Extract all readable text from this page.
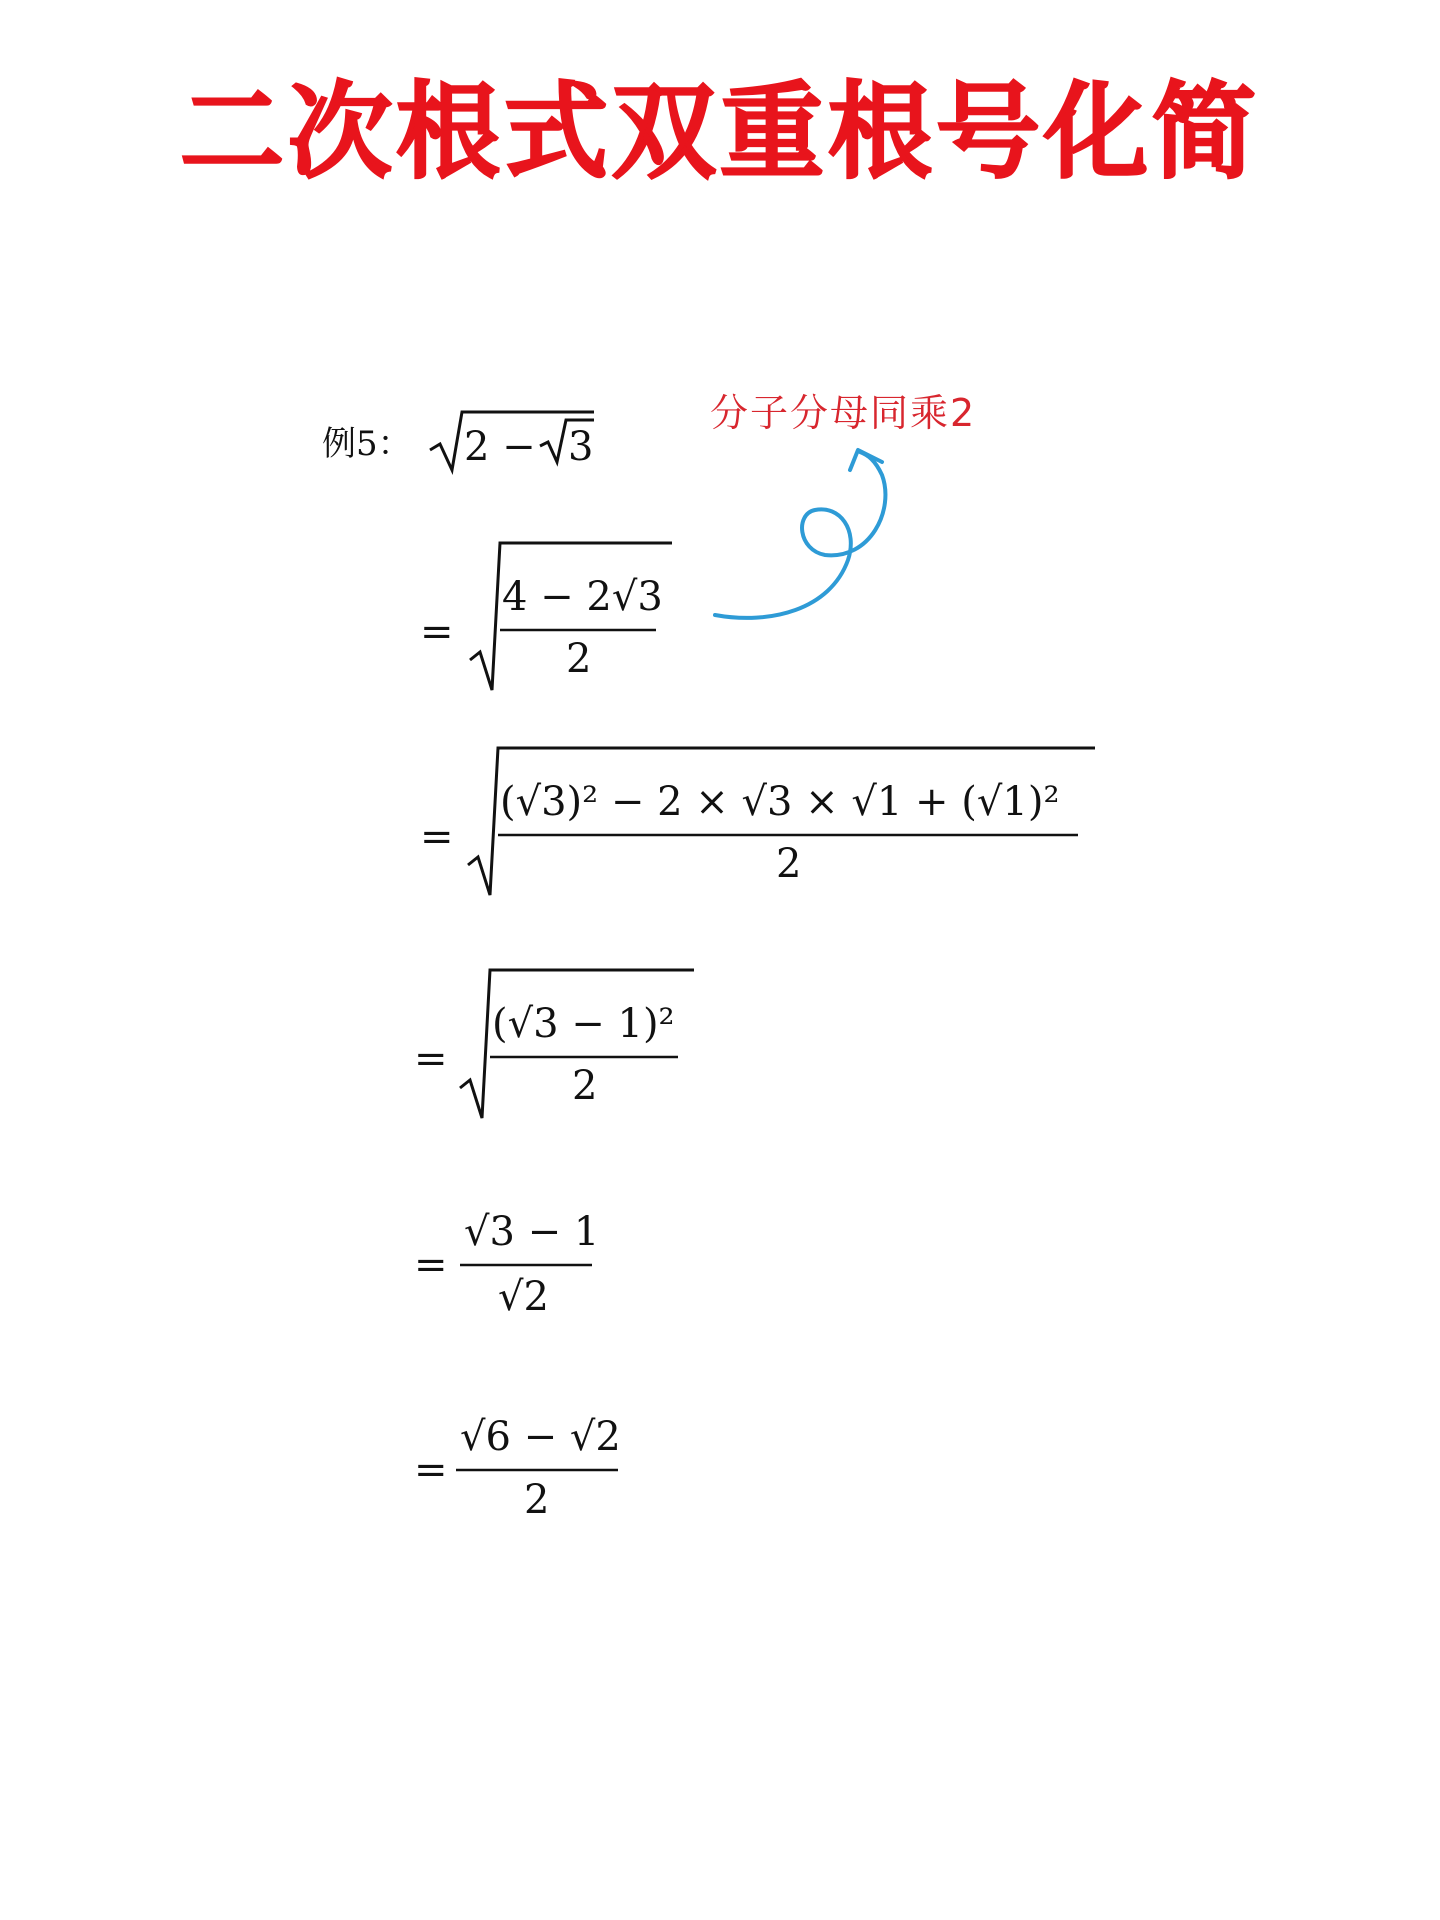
二次根式双重根号化简
分子分母同乘2
例5： 2 − 3
=
4 − 2√3
2
=
(√3)² − 2 × √3 × √1 + (√1)²
2
=
(√3 − 1)²
2
=
√3 − 1
√2
=
√6 − √2
2
